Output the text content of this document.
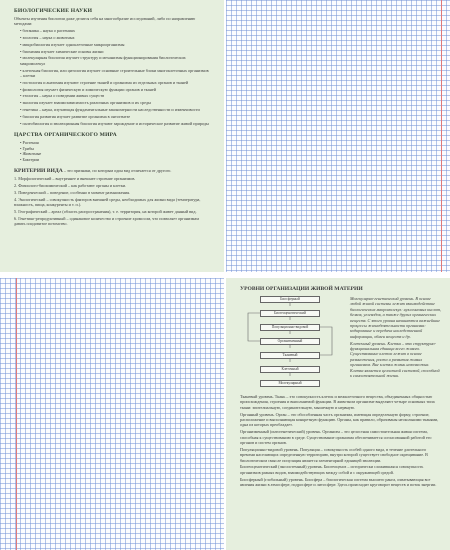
БИОЛОГИЧЕСКИЕ НАУКИ
Объекты изучения биологии даже делятся себя на многообразие исследований, либо по направлению методами:
• ботаника – наука о растениях
• зоология – наука о животных
• микробиология изучает одноклеточные микроорганизмы
• биохимия изучает химические основы жизни
• молекулярная биология изучает структуру и механизмы функционирования биологических макромолекул
• клеточная биология, или цитология изучает основные строительные блоки многоклеточных организмов – клетки
• гистология и анатомия изучают строение тканей и организма из отдельных органов и тканей
• физиология изучает физическую и химическую функции органов и тканей
• этология – наука о поведении живых существ
• экология изучает взаимозависимость различных организмов и их среды
• генетика – наука, изучающая фундаментальные закономерности наследственности и изменчивости
• биология развития изучает развитие организма в онтогенезе
• палеобиология и эволюционная биология изучают зарождение и историческое развитие живой природы
ЦАРСТВА ОРГАНИЧЕСКОГО МИРА
• Растения
• Грибы
• Животные
• Бактерии
КРИТЕРИИ ВИДА – это признаки, по которым один вид отличается от другого.
1. Морфологический – внутреннее и внешнее строение организмов.
2. Физиолого-биохимический – как работают органы и клетки.
3. Поведенческий – поведение, особенно в момент размножения.
4. Экологический – совокупность факторов внешней среды, необходимых для жизни вида (температура, влажность, пища, конкуренты и т. п.).
5. Географический – ареал (область распространения), т. е. территория, на которой живет данный вид.
6. Генетико-репродуктивный – одинаковое количество и строение хромосом, что позволяет организмам давать плодовитое потомство.
УРОВНИ ОРГАНИЗАЦИИ ЖИВОЙ МАТЕРИИ
Биосферный
Биогеоценотический
Популяционно-видовой
Организменный
Тканевый
Клеточный
Молекулярный
Молекулярно-генетический уровень. В основе любой живой системы лежит взаимодействие биологических макромолекул: нуклеиновых кислот, белков, углеводов, а также других органических веществ. С этого уровня начинаются важнейшие процессы жизнедеятельности организма: кодирование и передача наследственной информации, обмен веществ и др.
Клеточный уровень. Клетка – это структурно-функциональная единица всего живого. Существование клеток лежит в основе размножения, роста и развития живых организмов. Вне клетки жизнь невозможна. Клетка является целостной системой, способной к самостоятельной жизни.
Тканевый уровень. Ткань – это совокупность клеток и межклеточного вещества, объединенных общностью происхождения, строения и выполняемой функции. В животном организме выделяют четыре основных типа ткани: эпителиальную, соединительную, мышечную и нервную.
Органный уровень. Орган – это обособленная часть организма, имеющая определенную форму, строение, расположение и выполняющая конкретную функцию. Органы, как правило, образованы несколькими тканями, одна из которых преобладает.
Организменный (онтогенетический) уровень. Организм – это целостная самостоятельная живая система, способная к существованию в среде. Существование организма обеспечивается согласованной работой его органов и систем органов.
Популяционно-видовой уровень. Популяция – совокупность особей одного вида, в течение длительного времени населяющих определенную территорию, внутри которой существует свободное скрещивание. В биологическом смысле популяция является элементарной единицей эволюции.
Биогеоценотический (экосистемный) уровень. Биогеоценоз – исторически сложившаяся совокупность организмов разных видов, взаимодействующих между собой и с окружающей средой.
Биосферный (глобальный) уровень. Биосфера – биологическая система высшего ранга, охватывающая все явления жизни в атмосфере, гидросфере и литосфере. Здесь происходит круговорот веществ и поток энергии.
